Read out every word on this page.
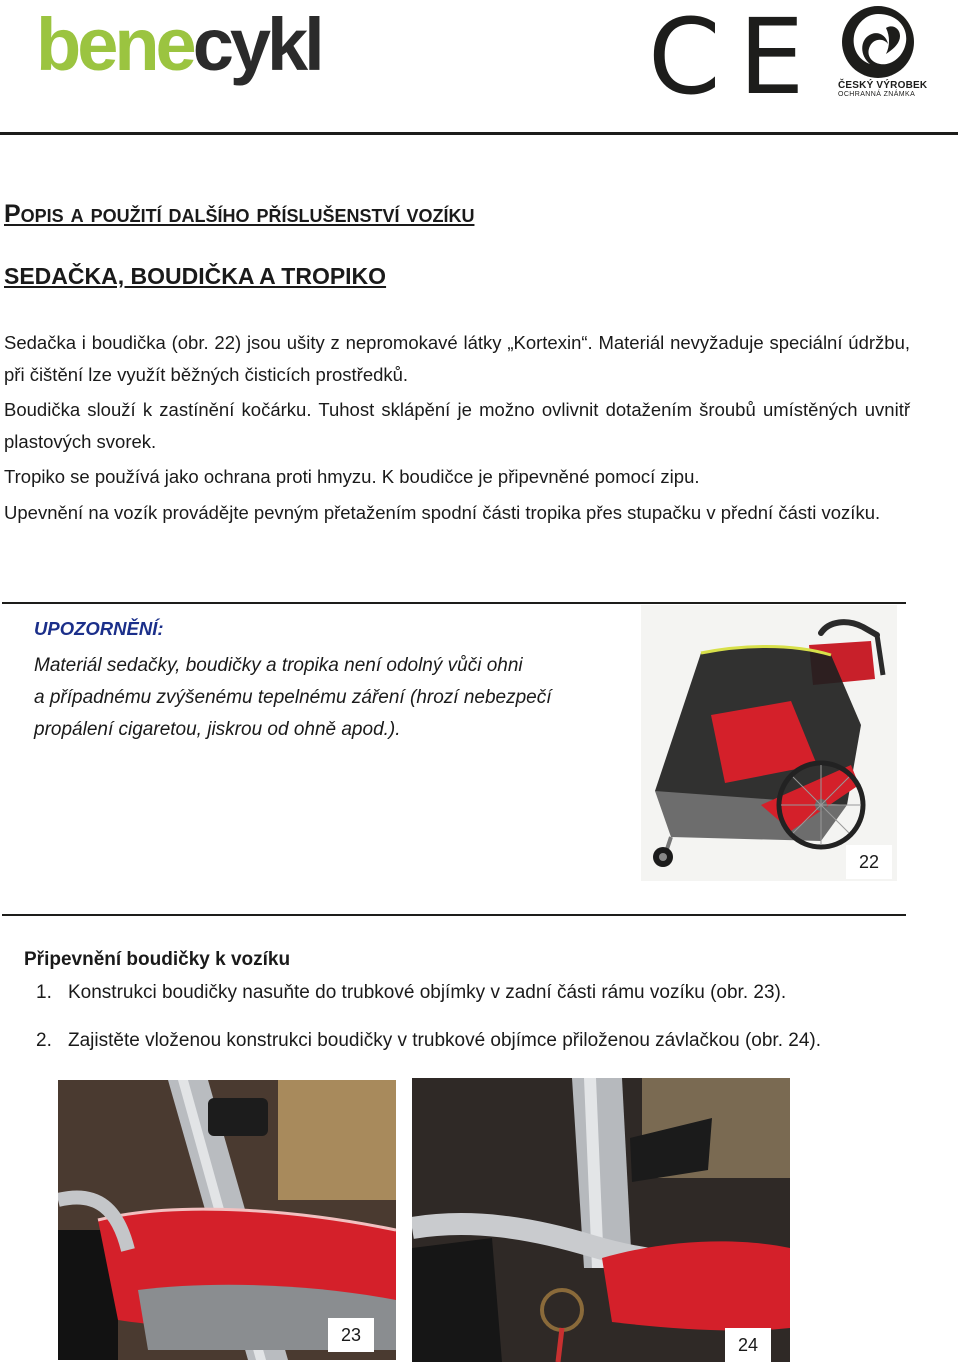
benecykl	CE ČESKÝ VÝROBEK
OCHRANNÁ ZNÁMKA
Popis a použití dalšího příslušenství vozíku
SEDAČKA, BOUDIČKA A TROPIKO
Sedačka i boudička (obr. 22) jsou ušity z nepromokavé látky „Kortexin“. Materiál nevyžaduje speciální údržbu, při čištění lze využít běžných čisticích prostředků.
Boudička slouží k zastínění kočárku. Tuhost sklápění je možno ovlivnit dotažením šroubů umístěných uvnitř plastových svorek.
Tropiko se používá jako ochrana proti hmyzu. K boudičce je připevněné pomocí zipu.
Upevnění na vozík provádějte pevným přetažením spodní části tropika přes stupačku v přední části vozíku.
UPOZORNĚNÍ:
Materiál sedačky, boudičky a tropika není odolný vůči ohni
a případnému zvýšenému tepelnému záření (hrozí nebezpečí
propálení cigaretou, jiskrou od ohně apod.).
22
Připevnění boudičky k vozíku
1. Konstrukci boudičky nasuňte do trubkové objímky v zadní části rámu vozíku (obr. 23).
2. Zajistěte vloženou konstrukci boudičky v trubkové objímce přiloženou závlačkou (obr. 24).
23	24
